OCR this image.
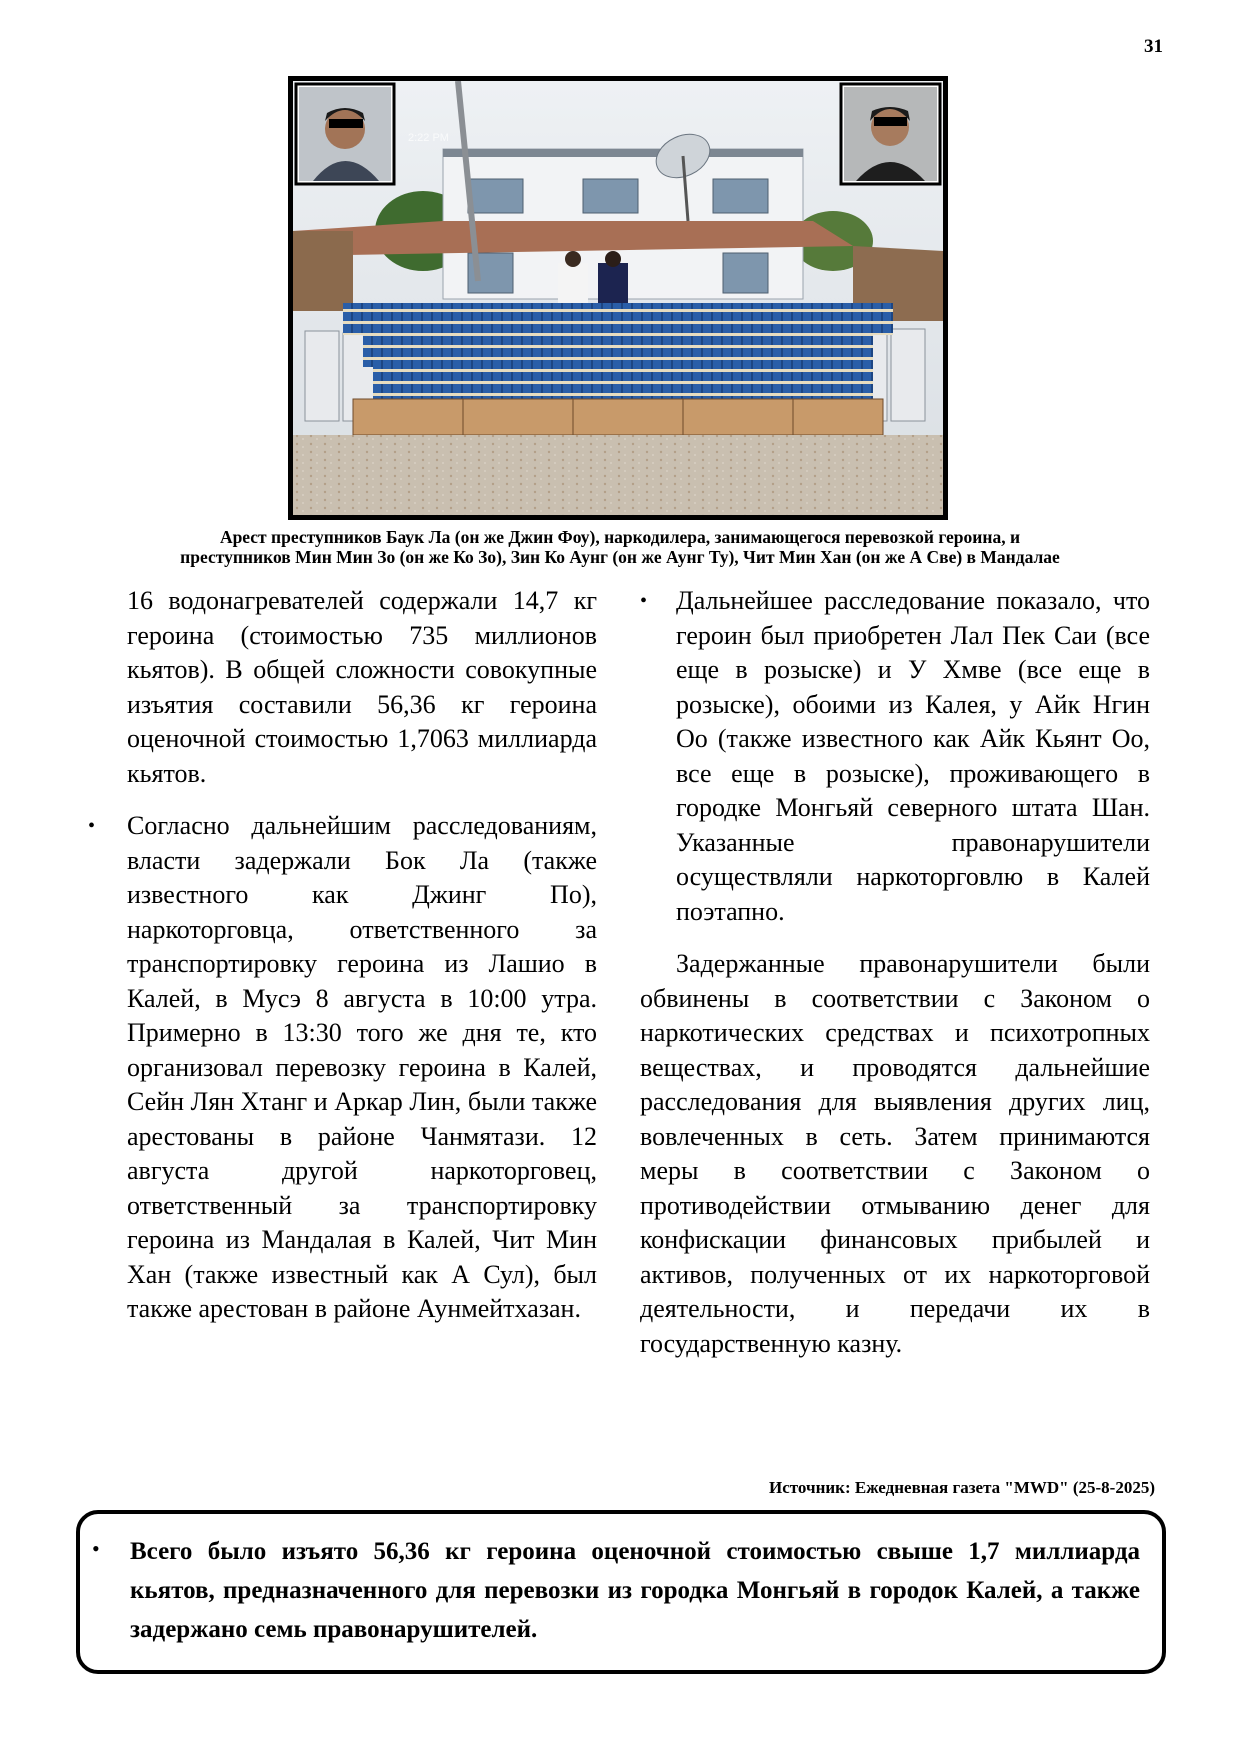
31
2:22 PM
Арест преступников Баук Ла (он же Джин Фоу), наркодилера, занимающегося перевозкой героина, и
преступников Мин Мин Зо (он же Ко Зо), Зин Ко Аунг (он же Аунг Ту), Чит Мин Хан (он же А Све) в Мандалае

16 водонагревателей содержали 14,7 кг героина (стоимостью 735 миллионов кьятов). В общей сложности совокупные изъятия составили 56,36 кг героина оценочной стоимостью 1,7063 миллиарда кьятов.

• Согласно дальнейшим расследованиям, власти задержали Бок Ла (также известного как Джинг По), наркоторговца, ответственного за транспортировку героина из Лашио в Калей, в Мусэ 8 августа в 10:00 утра. Примерно в 13:30 того же дня те, кто организовал перевозку героина в Калей, Сейн Лян Хтанг и Аркар Лин, были также арестованы в районе Чанмятази. 12 августа другой наркоторговец, ответственный за транспортировку героина из Мандалая в Калей, Чит Мин Хан (также известный как А Сул), был также арестован в районе Аунмейтхазан.

• Дальнейшее расследование показало, что героин был приобретен Лал Пек Саи (все еще в розыске) и У Хмве (все еще в розыске), обоими из Калея, у Айк Нгин Оо (также известного как Айк Кьянт Оо, все еще в розыске), проживающего в городке Монгьяй северного штата Шан. Указанные правонарушители осуществляли наркоторговлю в Калей поэтапно.

Задержанные правонарушители были обвинены в соответствии с Законом о наркотических средствах и психотропных веществах, и проводятся дальнейшие расследования для выявления других лиц, вовлеченных в сеть. Затем принимаются меры в соответствии с Законом о противодействии отмыванию денег для конфискации финансовых прибылей и активов, полученных от их наркоторговой деятельности, и передачи их в государственную казну.

Источник: Ежедневная газета "MWD" (25-8-2025)
• Всего было изъято 56,36 кг героина оценочной стоимостью свыше 1,7 миллиарда кьятов, предназначенного для перевозки из городка Монгьяй в городок Калей, а также задержано семь правонарушителей.
